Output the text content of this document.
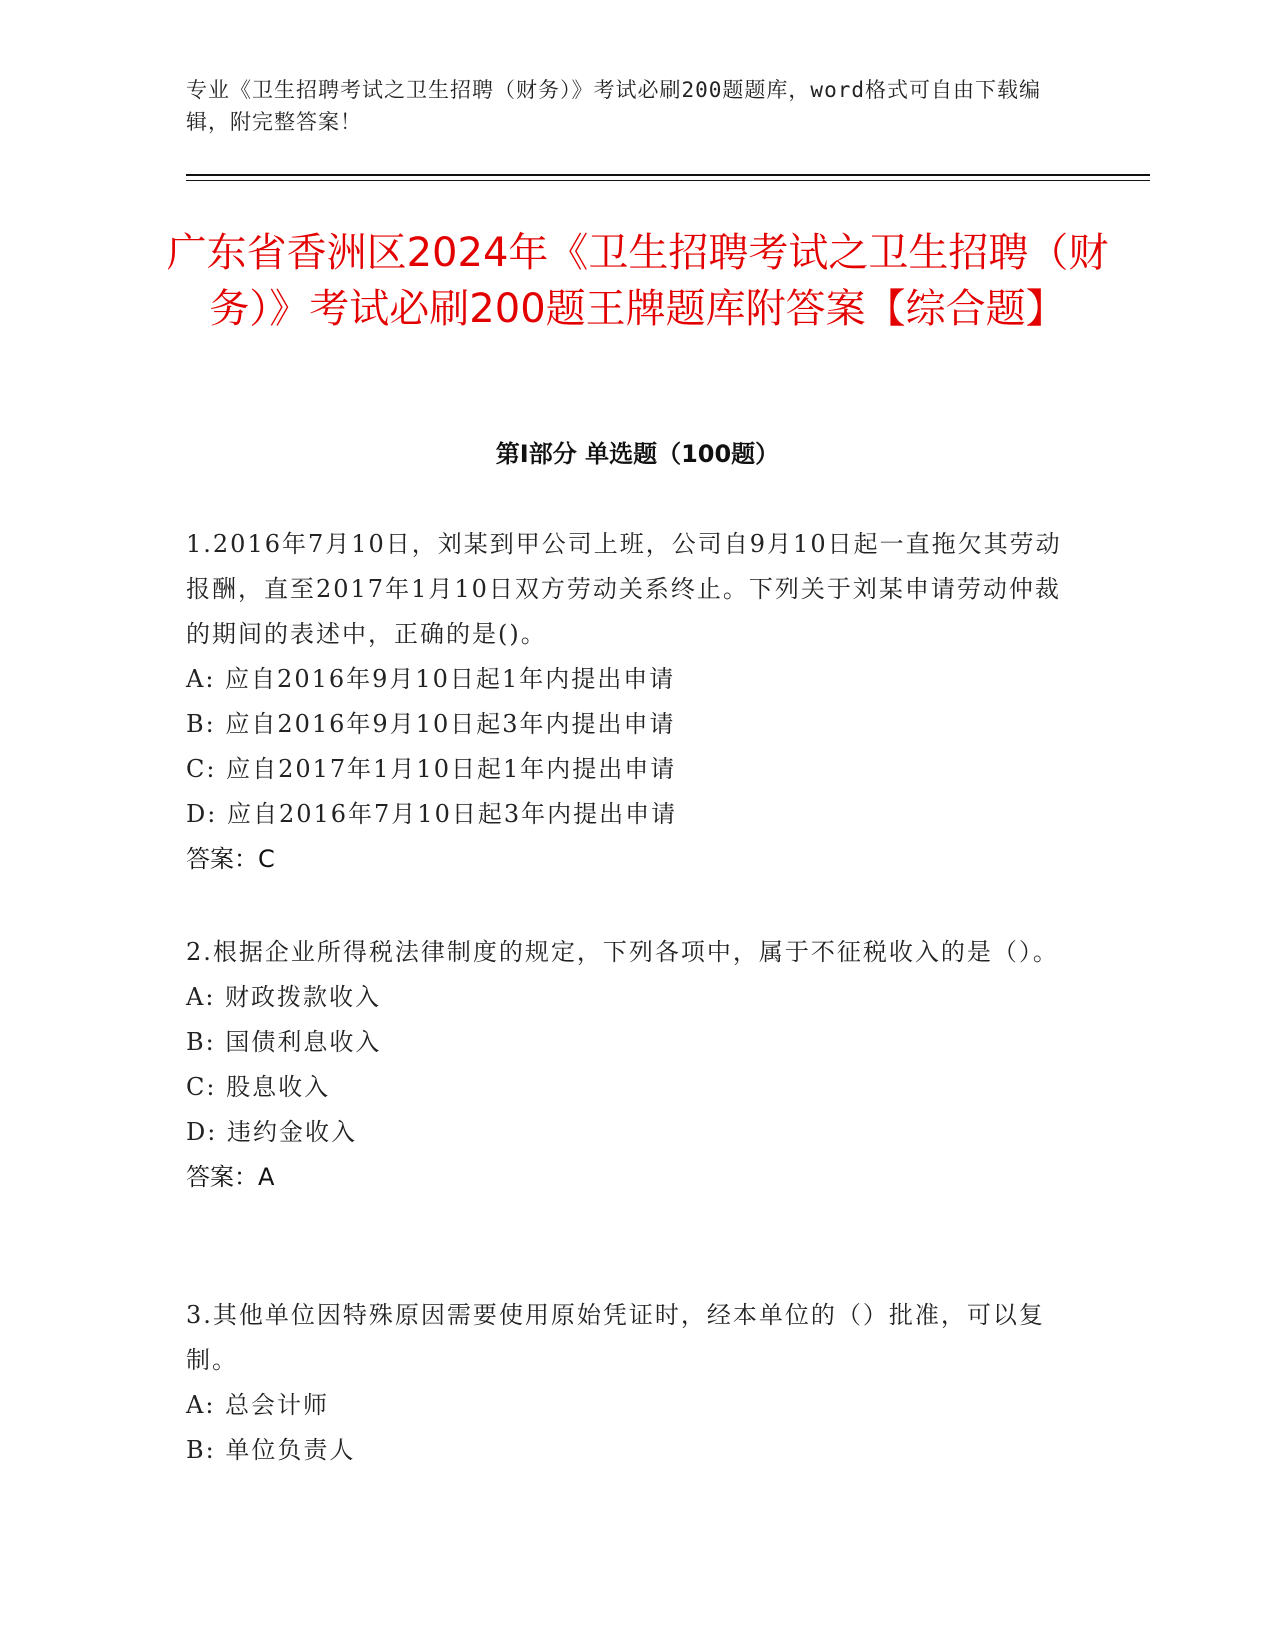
专业《卫生招聘考试之卫生招聘（财务）》考试必刷200题题库，word格式可自由下载编辑，附完整答案！
广东省香洲区2024年《卫生招聘考试之卫生招聘（财务）》考试必刷200题王牌题库附答案【综合题】
第I部分 单选题（100题）

1.2016年7月10日，刘某到甲公司上班，公司自9月10日起一直拖欠其劳动报酬，直至2017年1月10日双方劳动关系终止。下列关于刘某申请劳动仲裁的期间的表述中，正确的是()。

A: 应自2016年9月10日起1年内提出申请

B: 应自2016年9月10日起3年内提出申请

C: 应自2017年1月10日起1年内提出申请

D: 应自2016年7月10日起3年内提出申请

答案：C

2.根据企业所得税法律制度的规定，下列各项中，属于不征税收入的是（）。

A: 财政拨款收入

B: 国债利息收入

C: 股息收入

D: 违约金收入

答案：A

3.其他单位因特殊原因需要使用原始凭证时，经本单位的（）批准，可以复制。

A: 总会计师

B: 单位负责人
